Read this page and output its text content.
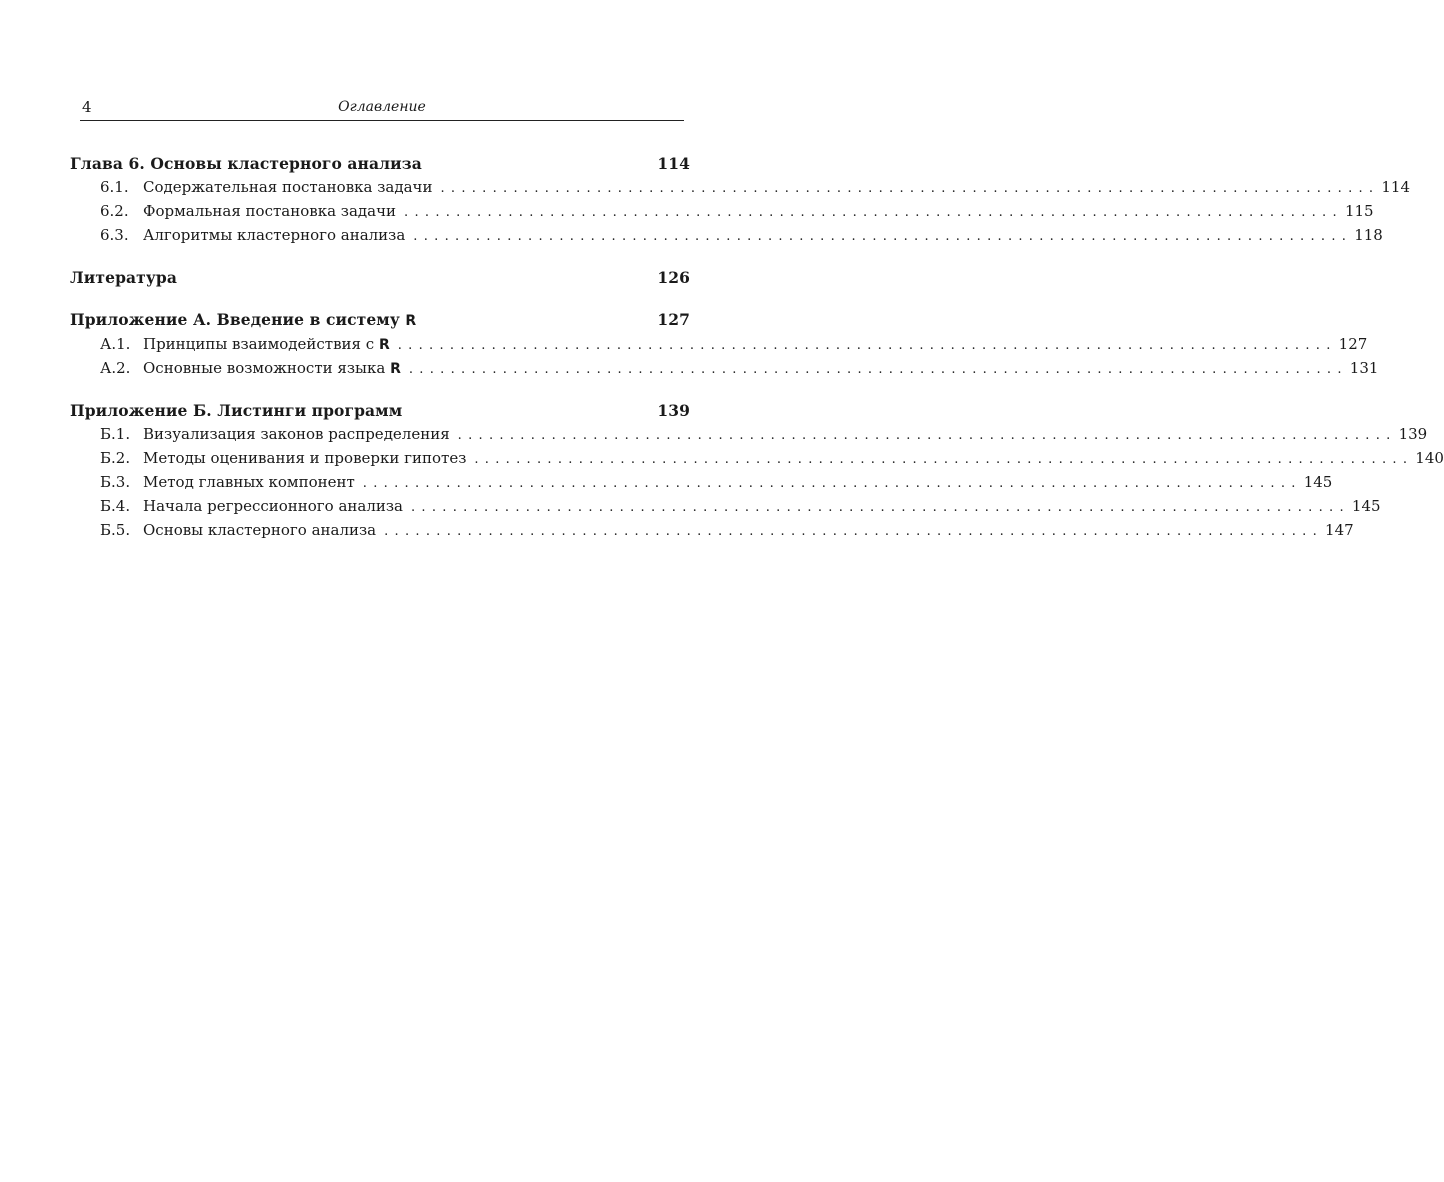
4	Оглавление
Глава 6. Основы кластерного анализа	114
6.1. Содержательная постановка задачи .......................................................................................... 114
6.2. Формальная постановка задачи .......................................................................................... 115
6.3. Алгоритмы кластерного анализа .......................................................................................... 118
Литература	126
Приложение А. Введение в систему R	127
А.1. Принципы взаимодействия с R .......................................................................................... 127
А.2. Основные возможности языка R .......................................................................................... 131
Приложение Б. Листинги программ	139
Б.1. Визуализация законов распределения .......................................................................................... 139
Б.2. Методы оценивания и проверки гипотез .......................................................................................... 140
Б.3. Метод главных компонент .......................................................................................... 145
Б.4. Начала регрессионного анализа .......................................................................................... 145
Б.5. Основы кластерного анализа .......................................................................................... 147
